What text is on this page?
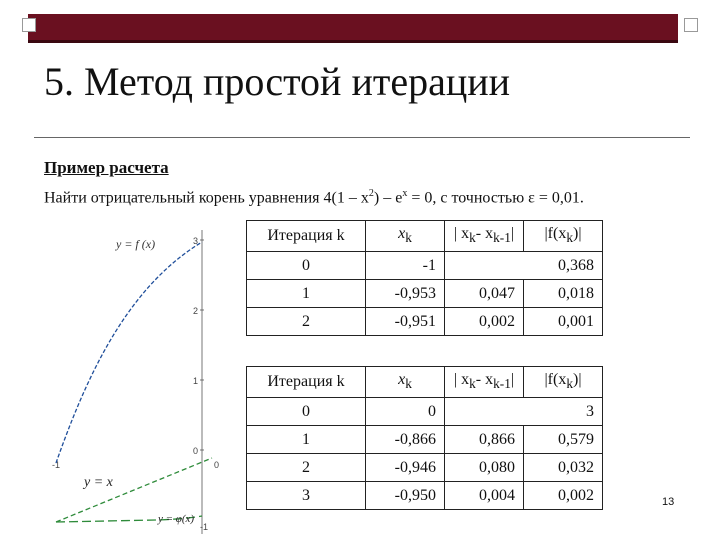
5. Метод простой итерации
Пример расчета
Найти отрицательный корень уравнения $4(1 - x^2) - e^x = 0$, с точностью ε = 0,01.
3
2
1
0
0
-1
-1
y = f (x)
y = x
y = φ(x)
Итерация k	$x_k$	| $x_k-$ $x_{k-1}|$	$|f(x_k)|$
0	-1		0,368
1	-0,953	0,047	0,018
2	-0,951	0,002	0,001
Итерация k	$x_k$	| $x_k-$ $x_{k-1}|$	$|f(x_k)|$
0	0		3
1	-0,866	0,866	0,579
2	-0,946	0,080	0,032
3	-0,950	0,004	0,002	13
